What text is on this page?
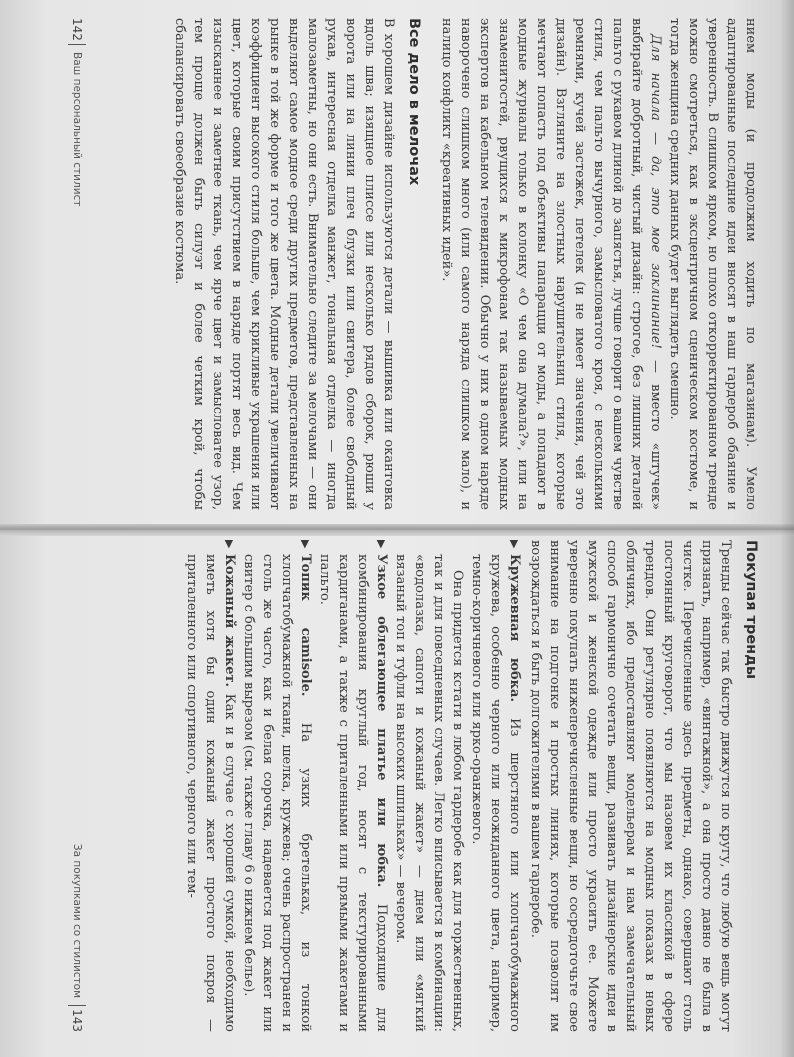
нием моды (и продолжим ходить по магазинам). Умело адаптированные последние идеи вносят в наш гардероб обаяние и уверенность. В слишком ярком, но плохо откорректированном тренде можно смотреться, как в эксцентричном сценическом костюме, и тогда женщина средних данных будет выглядеть смешно.

Для начала — да, это мое заклинание! — вместо «штучек» выбирайте добротный, чистый дизайн: строгое, без лишних деталей пальто с рукавом длиной до запястья, лучше говорит о вашем чувстве стиля, чем пальто вычурного, замысловатого кроя, с несколькими ремнями, кучей застежек, петелек (и не имеет значения, чей это дизайн). Взгляните на злостных нарушительниц стиля, которые мечтают попасть под объективы папарацци от моды, а попадают в модные журналы только в колонку «О чем она думала?», или на знаменитостей, рвущихся к микрофонам так называемых модных экспертов на кабельном телевидении. Обычно у них в одном наряде наворочено слишком много (или самого наряда слишком мало), и налицо конфликт «креативных идей».

Все дело в мелочах

В хорошем дизайне используются детали — вышивка или окантовка вдоль шва; изящное плиссе или несколько рядов сборок, рюши у ворота или на линии плеч блузки или свитера, более свободный рукав, интересная отделка манжет, тональная отделка — иногда малозаметны, но они есть. Внимательно следите за мелочами — они выделяют самое модное среди других предметов, представленных на рынке в той же форме и того же цвета. Модные детали увеличивают коэффициент высокого стиля больше, чем крикливые украшения или цвет, которые своим присутствием в наряде портят весь вид. Чем изысканнее и заметнее ткань, чем ярче цвет и замысловатее узор, тем проще должен быть силуэт и более четким крой, чтобы сбалансировать своеобразие костюма.

142
Ваш персональный стилист
Покупая тренды

Тренды сейчас так быстро движутся по кругу, что любую вещь могут признать, например, «винтажной», а она просто давно не была в чистке. Перечисленные здесь предметы, однако, совершают столь постоянный круговорот, что мы назовем их классикой в сфере трендов. Они регулярно появляются на модных показах в новых обличиях, ибо предоставляют модельерам и нам замечательный способ гармонично сочетать вещи, развивать дизайнерские идеи в мужской и женской одежде или просто украсить ее. Можете уверенно покупать нижеперечисленные вещи, но сосредоточьте свое внимание на подгонке и простых линиях, которые позволят им возрождаться и быть долгожителями в вашем гардеробе.

▶
Кружевная юбка. Из шерстяного или хлопчатобумажного кружева, особенно черного или неожиданного цвета, например, темно-коричневого или ярко-оранжевого.
Она придется кстати в любом гардеробе как для торжественных, так и для повседневных случаев. Легко вписывается в комбинации: «водолазка, сапоги и кожаный жакет» — днем или «мягкий вязаный топ и туфли на высоких шпильках» — вечером.
▶
Узкое облегающее платье или юбка. Подходящие для комбинирования круглый год, носят с текстурированными кардиганами, а также с приталенными или прямыми жакетами и пальто.
▶
Топик camisole. На узких бретельках, из тонкой хлопчатобумажной ткани, шелка, кружева; очень распространен и столь же часто, как и белая сорочка, надевается под жакет или свитер с большим вырезом (см. также главу 6 о нижнем белье).
▶
Кожаный жакет. Как и в случае с хорошей сумкой, необходимо иметь хотя бы один кожаный жакет простого покроя — приталенного или спортивного, черного или тем-
За покупками со стилистом
143
